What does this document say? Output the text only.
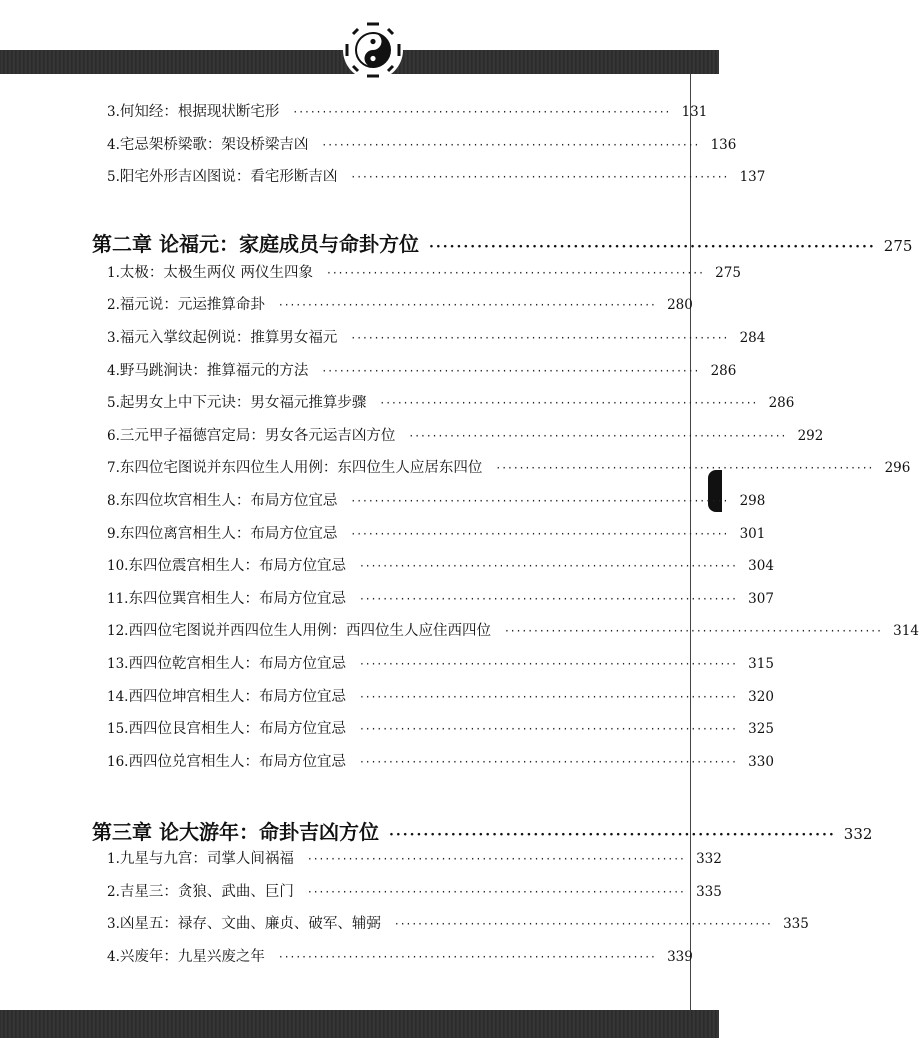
3. 何知经：根据现状断宅形 ································································· 131
4. 宅忌架桥梁歌：架设桥梁吉凶 ································································· 136
5. 阳宅外形吉凶图说：看宅形断吉凶 ································································· 137
第二章 论福元：家庭成员与命卦方位 ································································· 275
1. 太极：太极生两仪 两仪生四象 ································································· 275
2. 福元说：元运推算命卦 ································································· 280
3. 福元入掌纹起例说：推算男女福元 ································································· 284
4. 野马跳涧诀：推算福元的方法 ································································· 286
5. 起男女上中下元诀：男女福元推算步骤 ································································· 286
6. 三元甲子福德宫定局：男女各元运吉凶方位 ································································· 292
7. 东四位宅图说并东四位生人用例：东四位生人应居东四位 ································································· 296
8. 东四位坎宫相生人：布局方位宜忌 ································································· 298
9. 东四位离宫相生人：布局方位宜忌 ································································· 301
10. 东四位震宫相生人：布局方位宜忌 ································································· 304
11. 东四位巽宫相生人：布局方位宜忌 ································································· 307
12. 西四位宅图说并西四位生人用例：西四位生人应住西四位 ································································· 314
13. 西四位乾宫相生人：布局方位宜忌 ································································· 315
14. 西四位坤宫相生人：布局方位宜忌 ································································· 320
15. 西四位艮宫相生人：布局方位宜忌 ································································· 325
16. 西四位兑宫相生人：布局方位宜忌 ································································· 330
第三章 论大游年：命卦吉凶方位 ································································· 332
1. 九星与九宫：司掌人间祸福 ································································· 332
2. 吉星三：贪狼、武曲、巨门 ································································· 335
3. 凶星五：禄存、文曲、廉贞、破军、辅弼 ································································· 335
4. 兴废年：九星兴废之年 ································································· 339
